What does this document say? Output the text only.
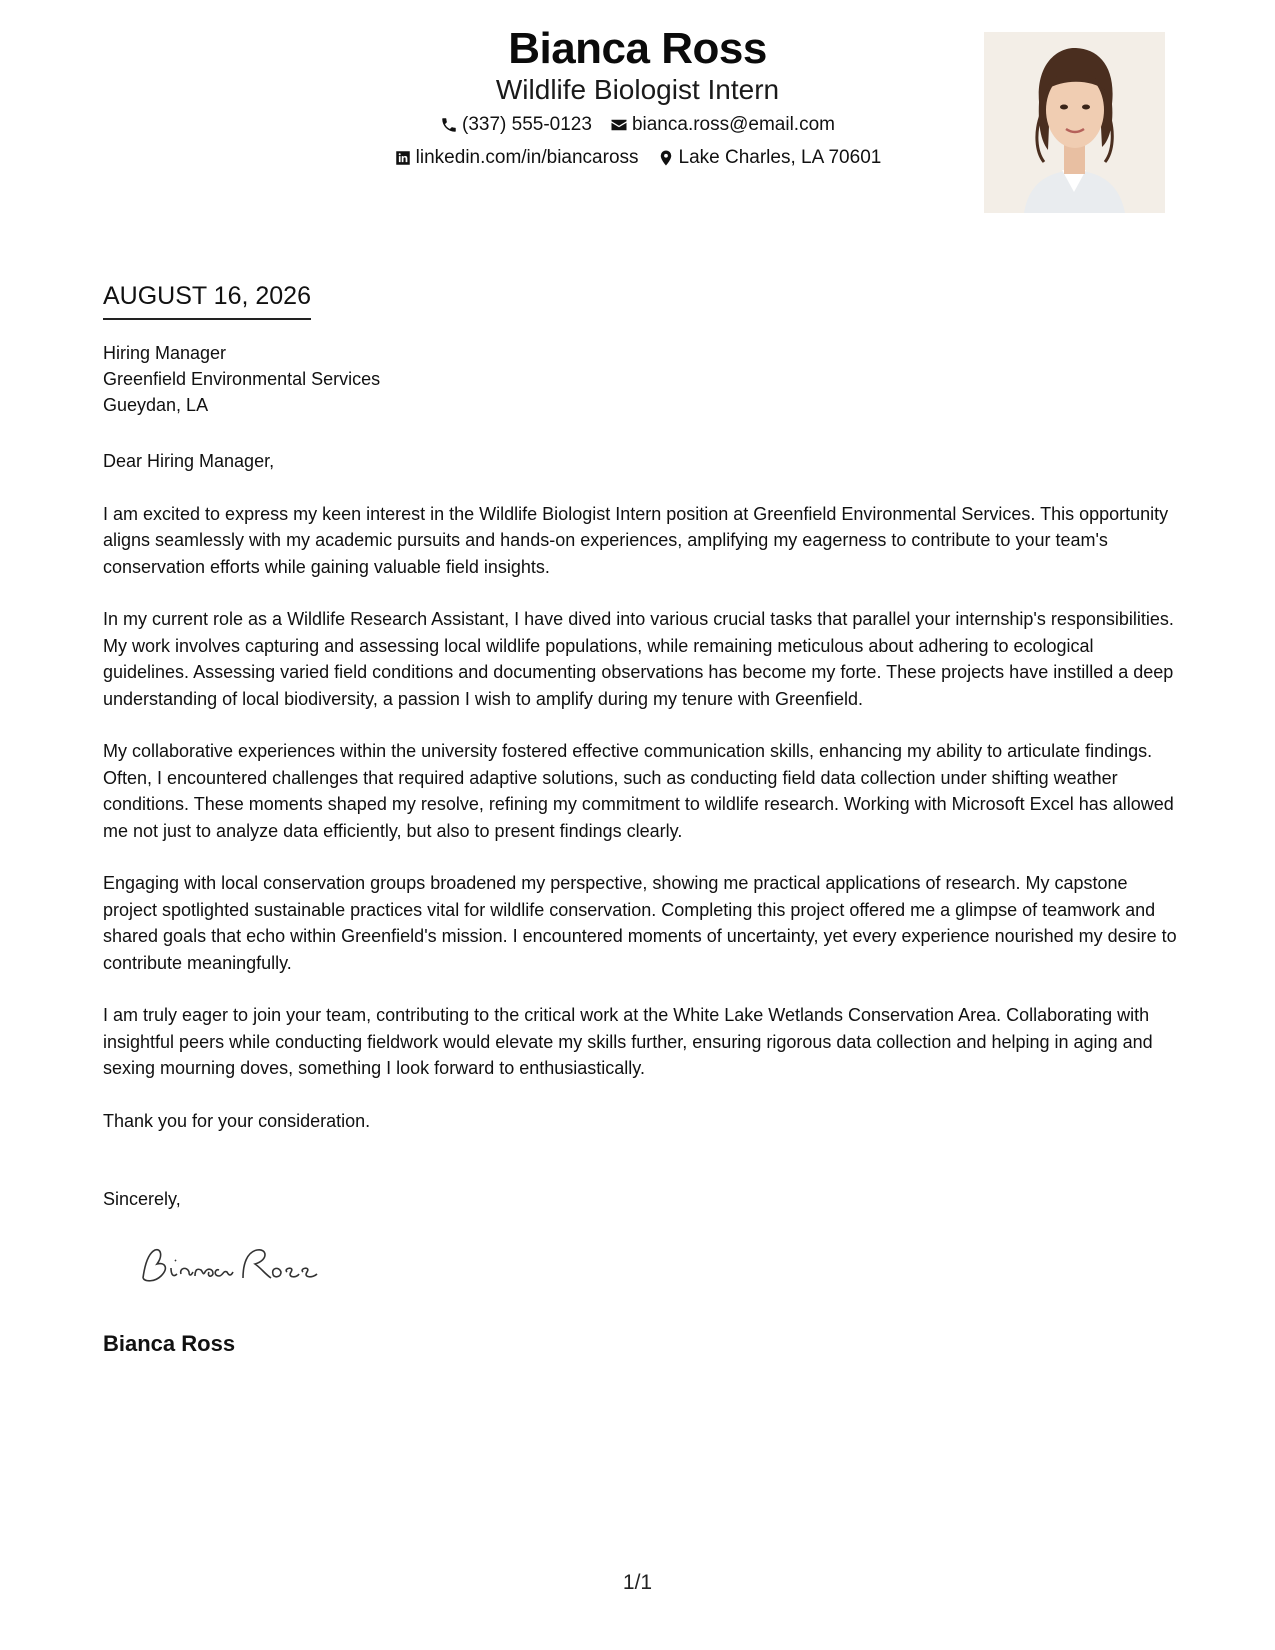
Bianca Ross
Wildlife Biologist Intern
(337) 555-0123 bianca.ross@email.com
linkedin.com/in/biancaross Lake Charles, LA 70601
AUGUST 16, 2026
Hiring Manager
Greenfield Environmental Services
Gueydan, LA

Dear Hiring Manager,

I am excited to express my keen interest in the Wildlife Biologist Intern position at Greenfield Environmental Services. This opportunity aligns seamlessly with my academic pursuits and hands-on experiences, amplifying my eagerness to contribute to your team's conservation efforts while gaining valuable field insights.

In my current role as a Wildlife Research Assistant, I have dived into various crucial tasks that parallel your internship's responsibilities. My work involves capturing and assessing local wildlife populations, while remaining meticulous about adhering to ecological guidelines. Assessing varied field conditions and documenting observations has become my forte. These projects have instilled a deep understanding of local biodiversity, a passion I wish to amplify during my tenure with Greenfield.

My collaborative experiences within the university fostered effective communication skills, enhancing my ability to articulate findings. Often, I encountered challenges that required adaptive solutions, such as conducting field data collection under shifting weather conditions. These moments shaped my resolve, refining my commitment to wildlife research. Working with Microsoft Excel has allowed me not just to analyze data efficiently, but also to present findings clearly.

Engaging with local conservation groups broadened my perspective, showing me practical applications of research. My capstone project spotlighted sustainable practices vital for wildlife conservation. Completing this project offered me a glimpse of teamwork and shared goals that echo within Greenfield's mission. I encountered moments of uncertainty, yet every experience nourished my desire to contribute meaningfully.

I am truly eager to join your team, contributing to the critical work at the White Lake Wetlands Conservation Area. Collaborating with insightful peers while conducting fieldwork would elevate my skills further, ensuring rigorous data collection and helping in aging and sexing mourning doves, something I look forward to enthusiastically.

Thank you for your consideration.

Sincerely,
Bianca Ross
1/1
